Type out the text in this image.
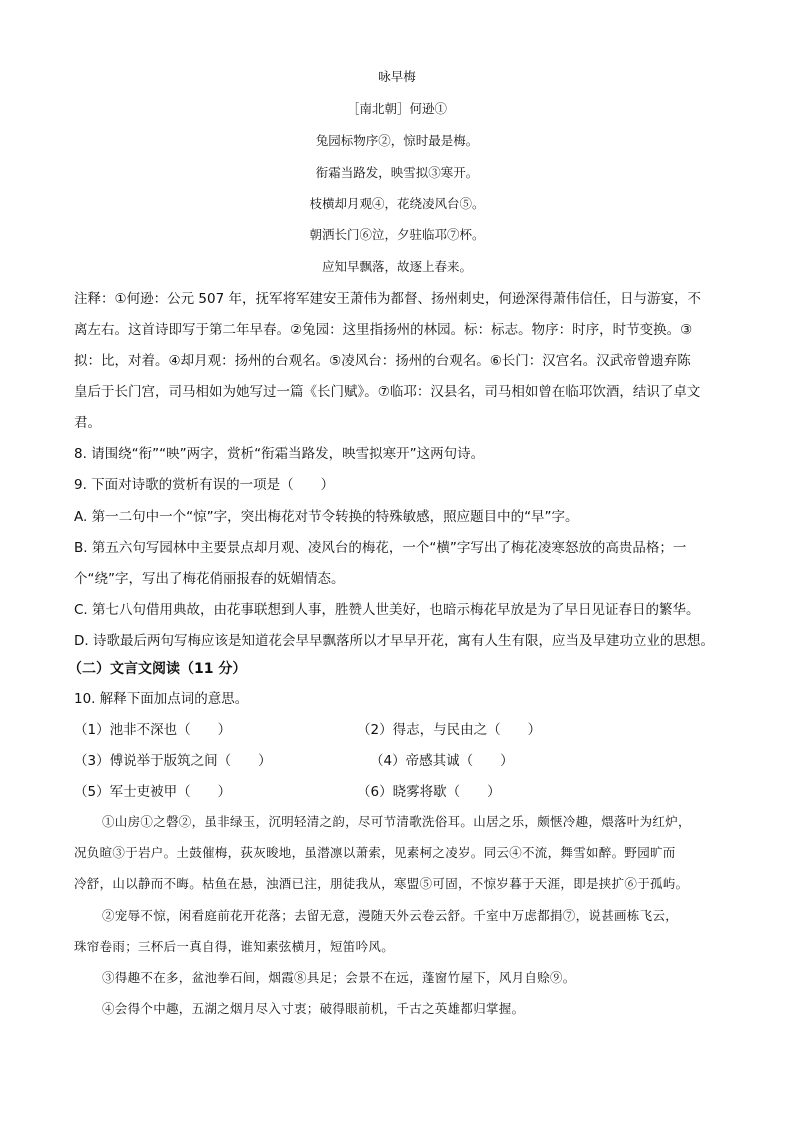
咏早梅
［南北朝］何逊①
兔园标物序②，惊时最是梅。
衔霜当路发，映雪拟③寒开。
枝横却月观④，花绕凌风台⑤。
朝洒长门⑥泣，夕驻临邛⑦杯。
应知早飘落，故逐上春来。
注释：①何逊：公元 507 年，抚军将军建安王萧伟为都督、扬州刺史，何逊深得萧伟信任，日与游宴，不
离左右。这首诗即写于第二年早春。②兔园：这里指扬州的林园。标：标志。物序：时序，时节变换。③
拟：比，对着。④却月观：扬州的台观名。⑤凌风台：扬州的台观名。⑥长门：汉宫名。汉武帝曾遗弃陈
皇后于长门宫，司马相如为她写过一篇《长门赋》。⑦临邛：汉县名，司马相如曾在临邛饮酒，结识了卓文
君。
8. 请围绕“衔”“映”两字，赏析“衔霜当路发，映雪拟寒开”这两句诗。
9. 下面对诗歌的赏析有误的一项是（　　）
A. 第一二句中一个“惊”字，突出梅花对节令转换的特殊敏感，照应题目中的“早”字。
B. 第五六句写园林中主要景点却月观、凌风台的梅花，一个“横”字写出了梅花凌寒怒放的高贵品格；一
个“绕”字，写出了梅花俏丽报春的妩媚情态。
C. 第七八句借用典故，由花事联想到人事，胜赞人世美好，也暗示梅花早放是为了早日见证春日的繁华。
D. 诗歌最后两句写梅应该是知道花会早早飘落所以才早早开花，寓有人生有限，应当及早建功立业的思想。
（二）文言文阅读（11 分）
10. 解释下面加点词的意思。
（1）池非不深也（　　）	（2）得志，与民由之（　　）
（3）傅说举于版筑之间（　　）	（4）帝感其诚（　　）
（5）军士吏被甲（　　）	（6）晓雾将歇（　　）
①山房①之磬②，虽非绿玉，沉明轻清之韵，尽可节清歌洗俗耳。山居之乐，颇惬冷趣，煨落叶为红炉，
况负暄③于岩户。土鼓催梅，荻灰晙地，虽潜凛以萧索，见素柯之凌岁。同云④不流，舞雪如醉。野园旷而
冷舒，山以静而不晦。枯鱼在悬，浊酒已注，朋徒我从，寒盟⑤可固，不惊岁暮于天涯，即是挟扩⑥于孤屿。
②宠辱不惊，闲看庭前花开花落；去留无意，漫随天外云卷云舒。千室中万虑都捐⑦，说甚画栋飞云，
珠帘卷雨；三杯后一真自得，谁知素弦横月，短笛吟风。
③得趣不在多，盆池拳石间，烟霞⑧具足；会景不在远，蓬窗竹屋下，风月自赊⑨。
④会得个中趣，五湖之烟月尽入寸衷；破得眼前机，千古之英雄都归掌握。
